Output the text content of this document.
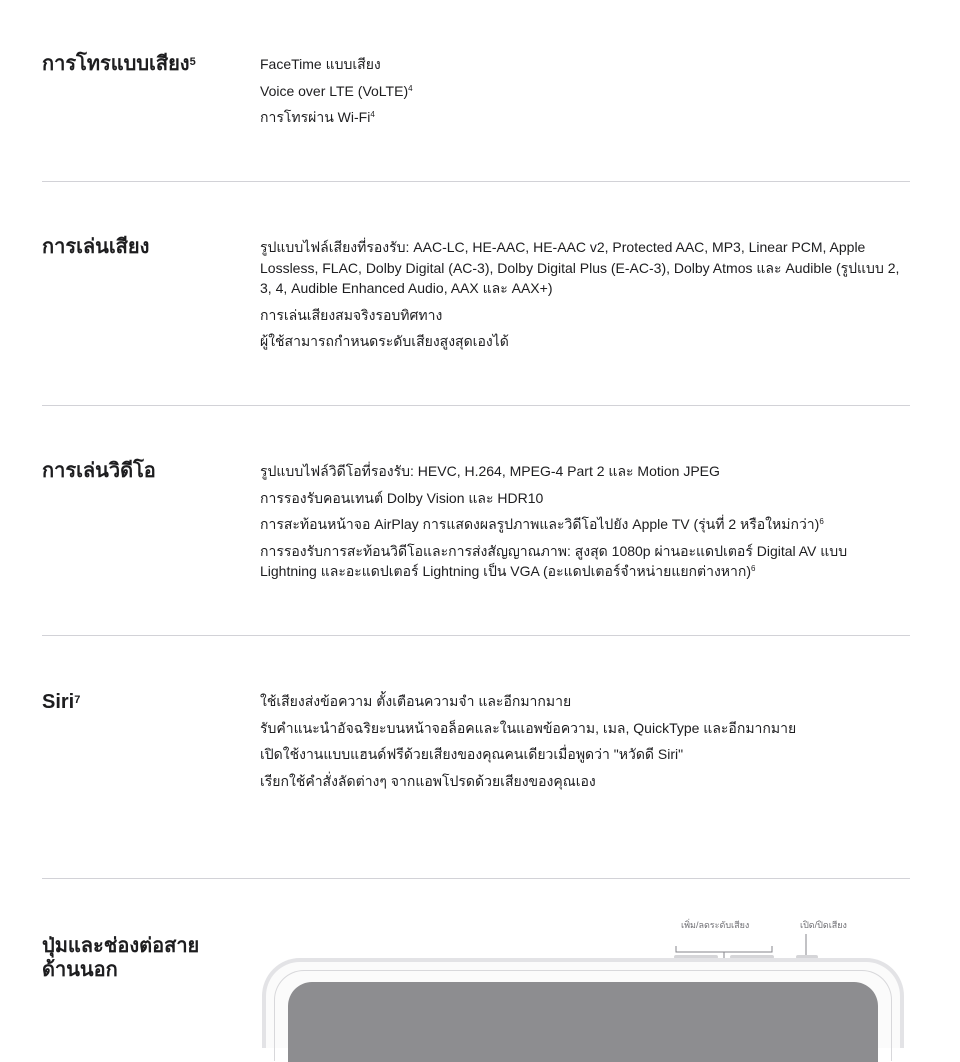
การโทรแบบเสียง$^5$	FaceTime แบบเสียง

Voice over LTE (VoLTE)$^4$

การโทรผ่าน Wi-Fi$^4$

การเล่นเสียง	รูปแบบไฟล์เสียงที่รองรับ: AAC-LC, HE-AAC, HE-AAC v2, Protected AAC, MP3, Linear PCM, Apple Lossless, FLAC, Dolby Digital (AC-3), Dolby Digital Plus (E-AC-3), Dolby Atmos และ Audible (รูปแบบ 2, 3, 4, Audible Enhanced Audio, AAX และ AAX+)

การเล่นเสียงสมจริงรอบทิศทาง

ผู้ใช้สามารถกำหนดระดับเสียงสูงสุดเองได้

การเล่นวิดีโอ	รูปแบบไฟล์วิดีโอที่รองรับ: HEVC, H.264, MPEG-4 Part 2 และ Motion JPEG

การรองรับคอนเทนต์ Dolby Vision และ HDR10

การสะท้อนหน้าจอ AirPlay การแสดงผลรูปภาพและวิดีโอไปยัง Apple TV (รุ่นที่ 2 หรือใหม่กว่า)$^6$

การรองรับการสะท้อนวิดีโอและการส่งสัญญาณภาพ: สูงสุด 1080p ผ่านอะแดปเตอร์ Digital AV แบบ Lightning และอะแดปเตอร์ Lightning เป็น VGA (อะแดปเตอร์จำหน่ายแยกต่างหาก)$^6$

Siri$^7$	ใช้เสียงส่งข้อความ ตั้งเตือนความจำ และอีกมากมาย

รับคำแนะนำอัจฉริยะบนหน้าจอล็อคและในแอพข้อความ, เมล, QuickType และอีกมากมาย

เปิดใช้งานแบบแฮนด์ฟรีด้วยเสียงของคุณคนเดียวเมื่อพูดว่า "หวัดดี Siri"

เรียกใช้คำสั่งลัดต่างๆ จากแอพโปรดด้วยเสียงของคุณเอง

ปุ่มและช่องต่อสายด้านนอก
เพิ่ม/ลดระดับเสียง	เปิด/ปิดเสียง
